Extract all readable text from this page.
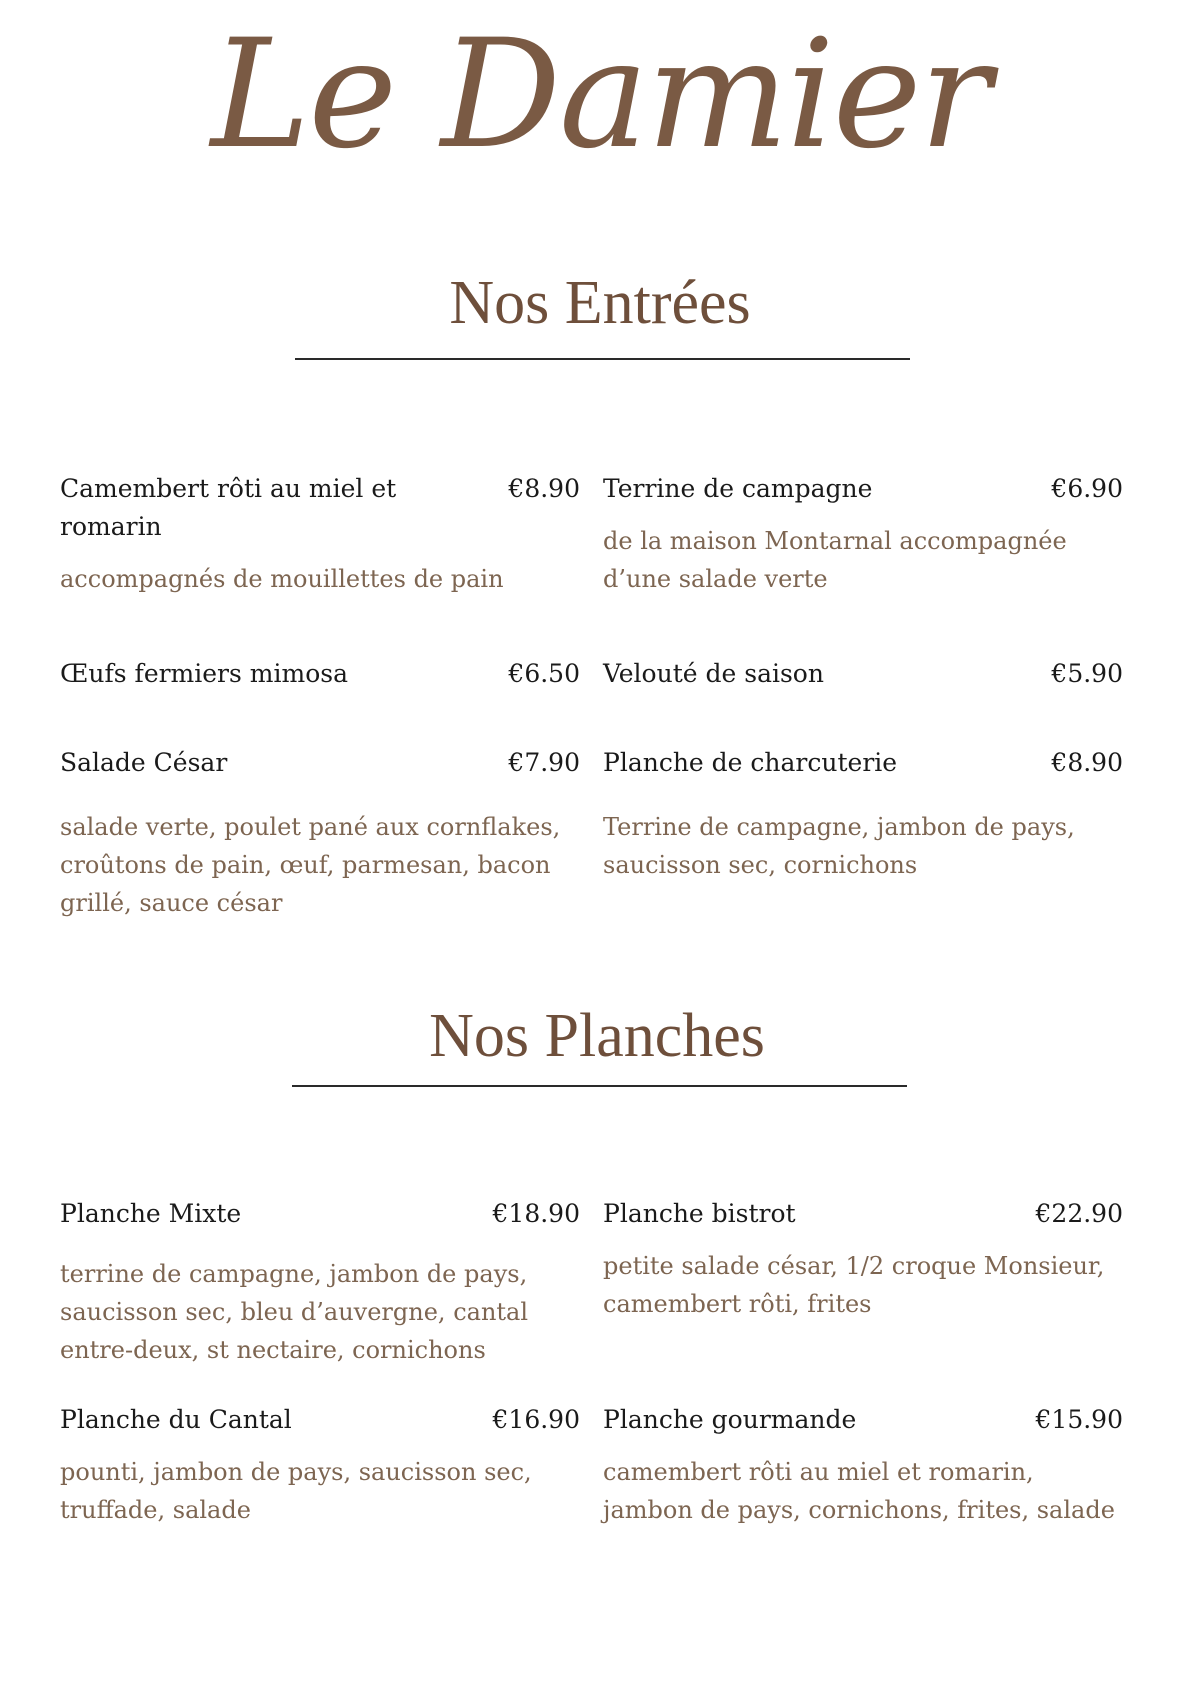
Le Damier
Nos Entrées
Camembert rôti au miel et romarin
€8.90
accompagnés de mouillettes de pain
Terrine de campagne	€6.90
de la maison Montarnal accompagnée d’une salade verte
Œufs fermiers mimosa	€6.50 Velouté de saison	€5.90
Salade César	€7.90
salade verte, poulet pané aux cornflakes, croûtons de pain, œuf, parmesan, bacon grillé, sauce césar
Planche de charcuterie	€8.90
Terrine de campagne, jambon de pays, saucisson sec, cornichons
Nos Planches
Planche Mixte	€18.90
terrine de campagne, jambon de pays, saucisson sec, bleu d’auvergne, cantal entre-deux, st nectaire, cornichons
Planche bistrot	€22.90
petite salade césar, 1/2 croque Monsieur, camembert rôti, frites
Planche du Cantal	€16.90
pounti, jambon de pays, saucisson sec, truffade, salade
Planche gourmande	€15.90
camembert rôti au miel et romarin, jambon de pays, cornichons, frites, salade
